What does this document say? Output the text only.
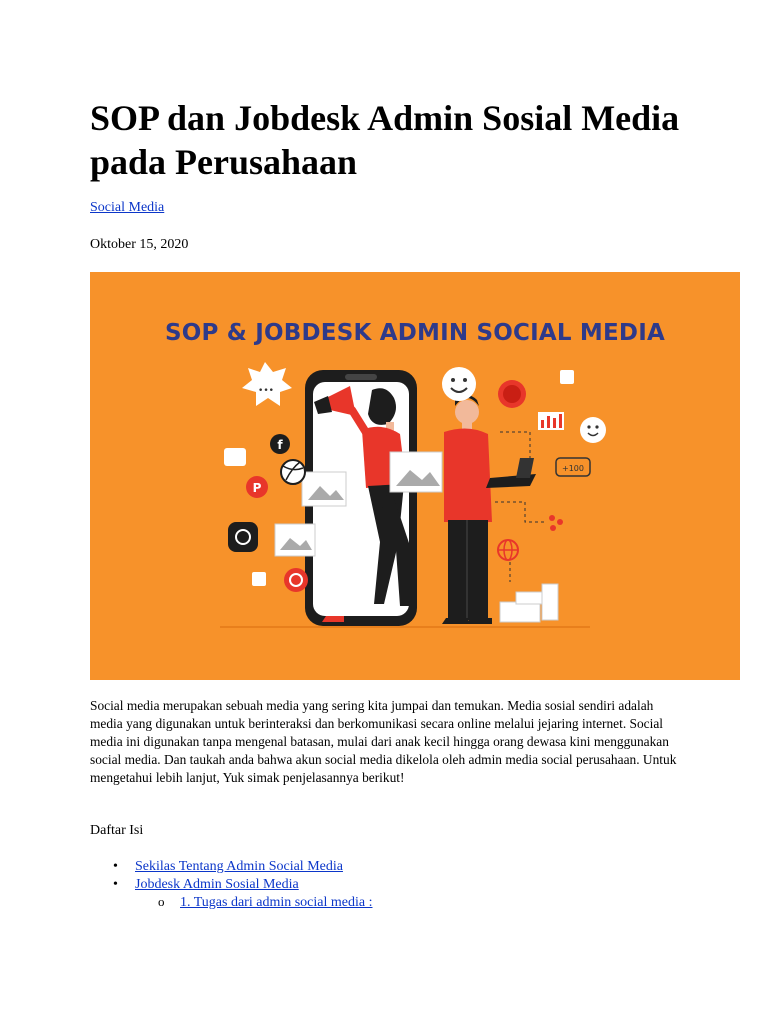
SOP dan Jobdesk Admin Sosial Media pada Perusahaan
Social Media
Oktober 15, 2020
SOP & JOBDESK ADMIN SOCIAL MEDIA
•••
f
P
+100

Social media merupakan sebuah media yang sering kita jumpai dan temukan. Media sosial sendiri adalah media yang digunakan untuk berinteraksi dan berkomunikasi secara online melalui jejaring internet. Social media ini digunakan tanpa mengenal batasan, mulai dari anak kecil hingga orang dewasa kini menggunakan social media. Dan taukah anda bahwa akun social media dikelola oleh admin media social perusahaan. Untuk mengetahui lebih lanjut, Yuk simak penjelasannya berikut!

Daftar Isi

• Sekilas Tentang Admin Social Media
• Jobdesk Admin Sosial Media
o 1. Tugas dari admin social media :
